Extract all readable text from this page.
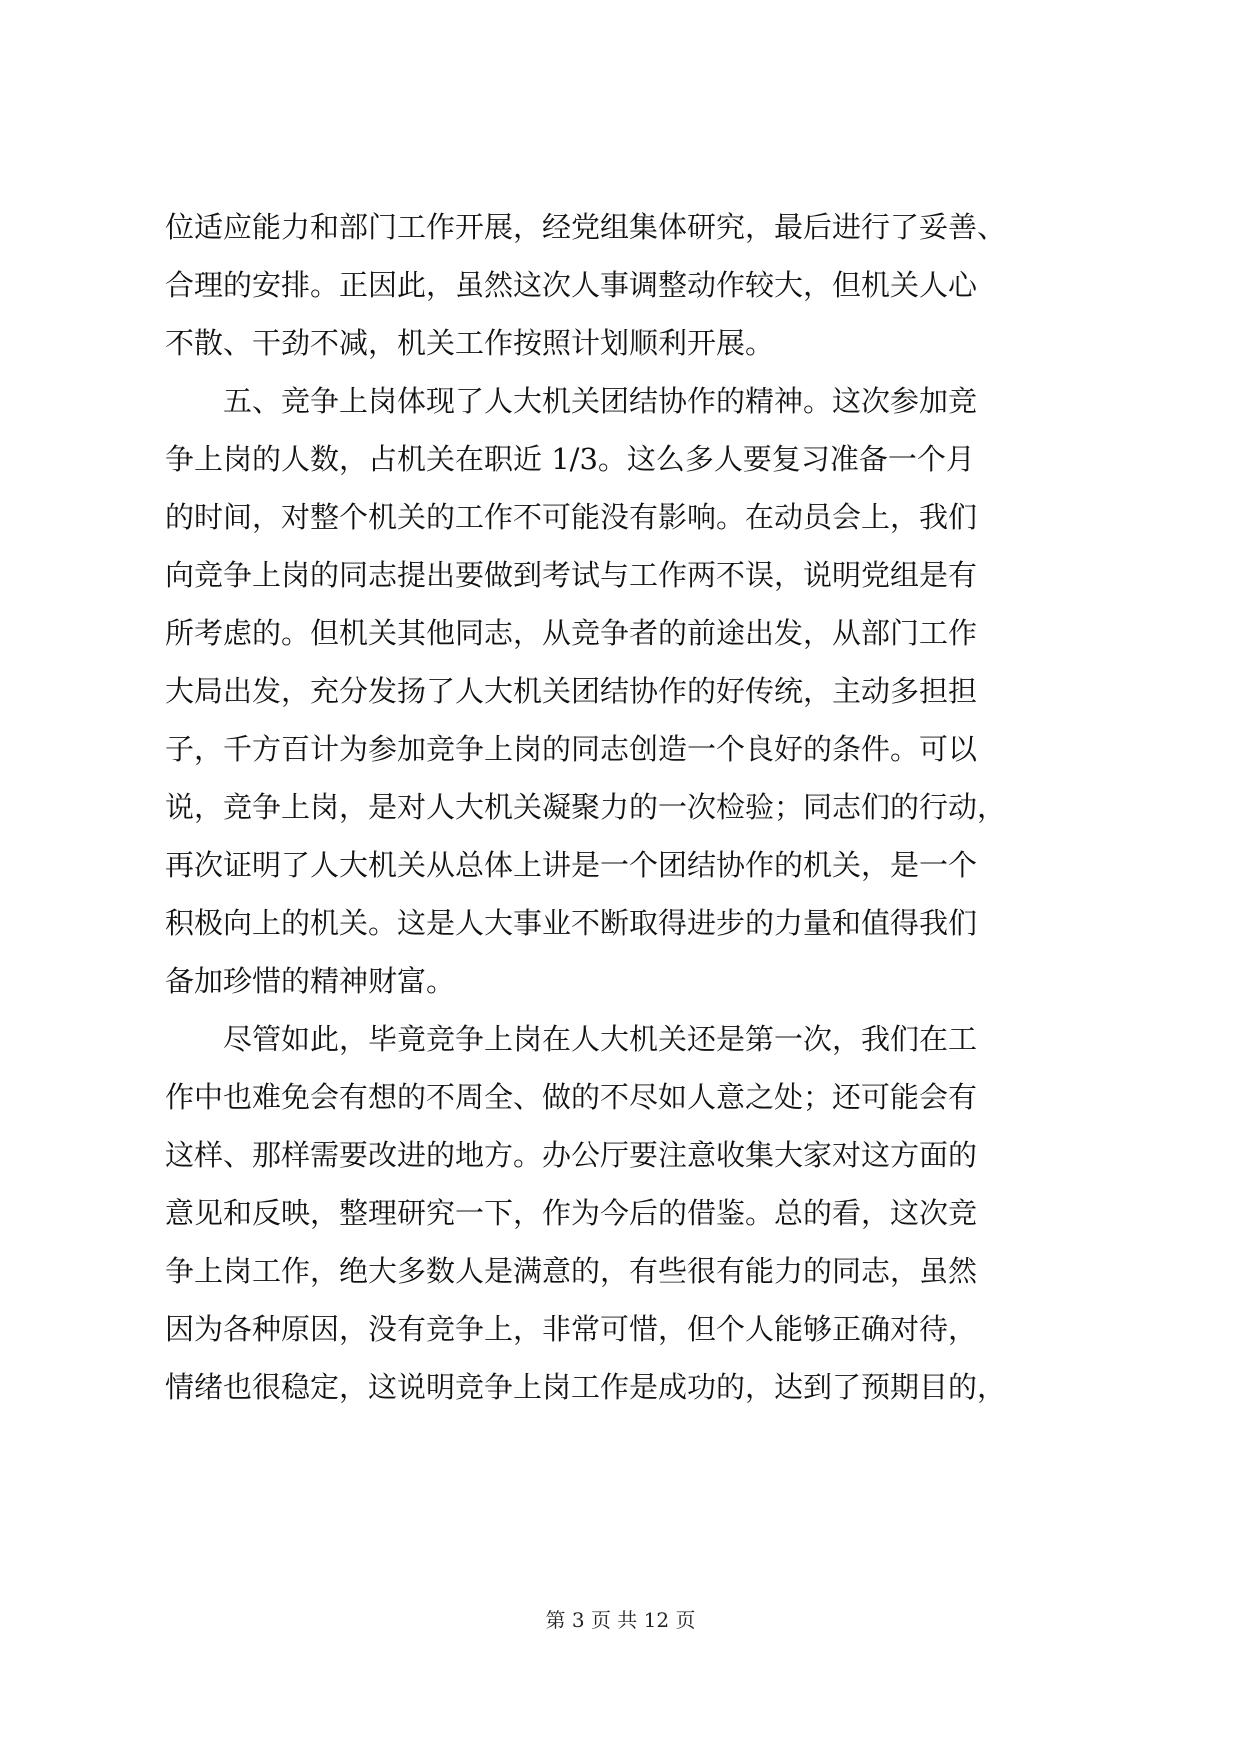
位适应能力和部门工作开展，经党组集体研究，最后进行了妥善、
合理的安排。正因此，虽然这次人事调整动作较大，但机关人心
不散、干劲不减，机关工作按照计划顺利开展。
五、竞争上岗体现了人大机关团结协作的精神。这次参加竞
争上岗的人数，占机关在职近 1/3。这么多人要复习准备一个月
的时间，对整个机关的工作不可能没有影响。在动员会上，我们
向竞争上岗的同志提出要做到考试与工作两不误，说明党组是有
所考虑的。但机关其他同志，从竞争者的前途出发，从部门工作
大局出发，充分发扬了人大机关团结协作的好传统，主动多担担
子，千方百计为参加竞争上岗的同志创造一个良好的条件。可以
说，竞争上岗，是对人大机关凝聚力的一次检验；同志们的行动，
再次证明了人大机关从总体上讲是一个团结协作的机关，是一个
积极向上的机关。这是人大事业不断取得进步的力量和值得我们
备加珍惜的精神财富。
尽管如此，毕竟竞争上岗在人大机关还是第一次，我们在工
作中也难免会有想的不周全、做的不尽如人意之处；还可能会有
这样、那样需要改进的地方。办公厅要注意收集大家对这方面的
意见和反映，整理研究一下，作为今后的借鉴。总的看，这次竞
争上岗工作，绝大多数人是满意的，有些很有能力的同志，虽然
因为各种原因，没有竞争上，非常可惜，但个人能够正确对待，
情绪也很稳定，这说明竞争上岗工作是成功的，达到了预期目的，
第 3 页 共 12 页
